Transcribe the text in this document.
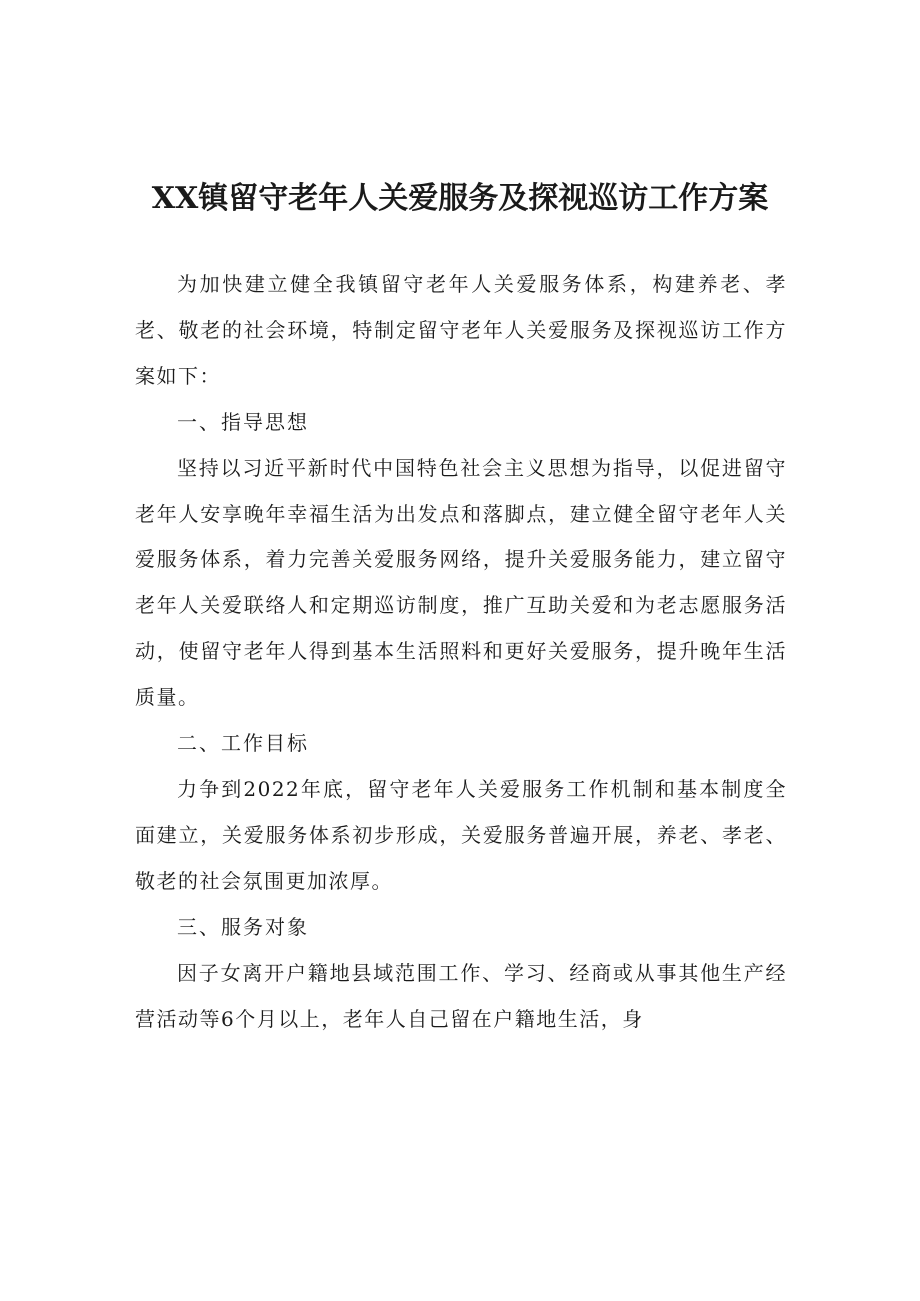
XX镇留守老年人关爱服务及探视巡访工作方案

为加快建立健全我镇留守老年人关爱服务体系，构建养老、孝老、敬老的社会环境，特制定留守老年人关爱服务及探视巡访工作方案如下：

一、指导思想

坚持以习近平新时代中国特色社会主义思想为指导，以促进留守老年人安享晚年幸福生活为出发点和落脚点，建立健全留守老年人关爱服务体系，着力完善关爱服务网络，提升关爱服务能力，建立留守老年人关爱联络人和定期巡访制度，推广互助关爱和为老志愿服务活动，使留守老年人得到基本生活照料和更好关爱服务，提升晚年生活质量。

二、工作目标

力争到2022年底，留守老年人关爱服务工作机制和基本制度全面建立，关爱服务体系初步形成，关爱服务普遍开展，养老、孝老、敬老的社会氛围更加浓厚。

三、服务对象

因子女离开户籍地县域范围工作、学习、经商或从事其他生产经营活动等6个月以上，老年人自己留在户籍地生活，身
